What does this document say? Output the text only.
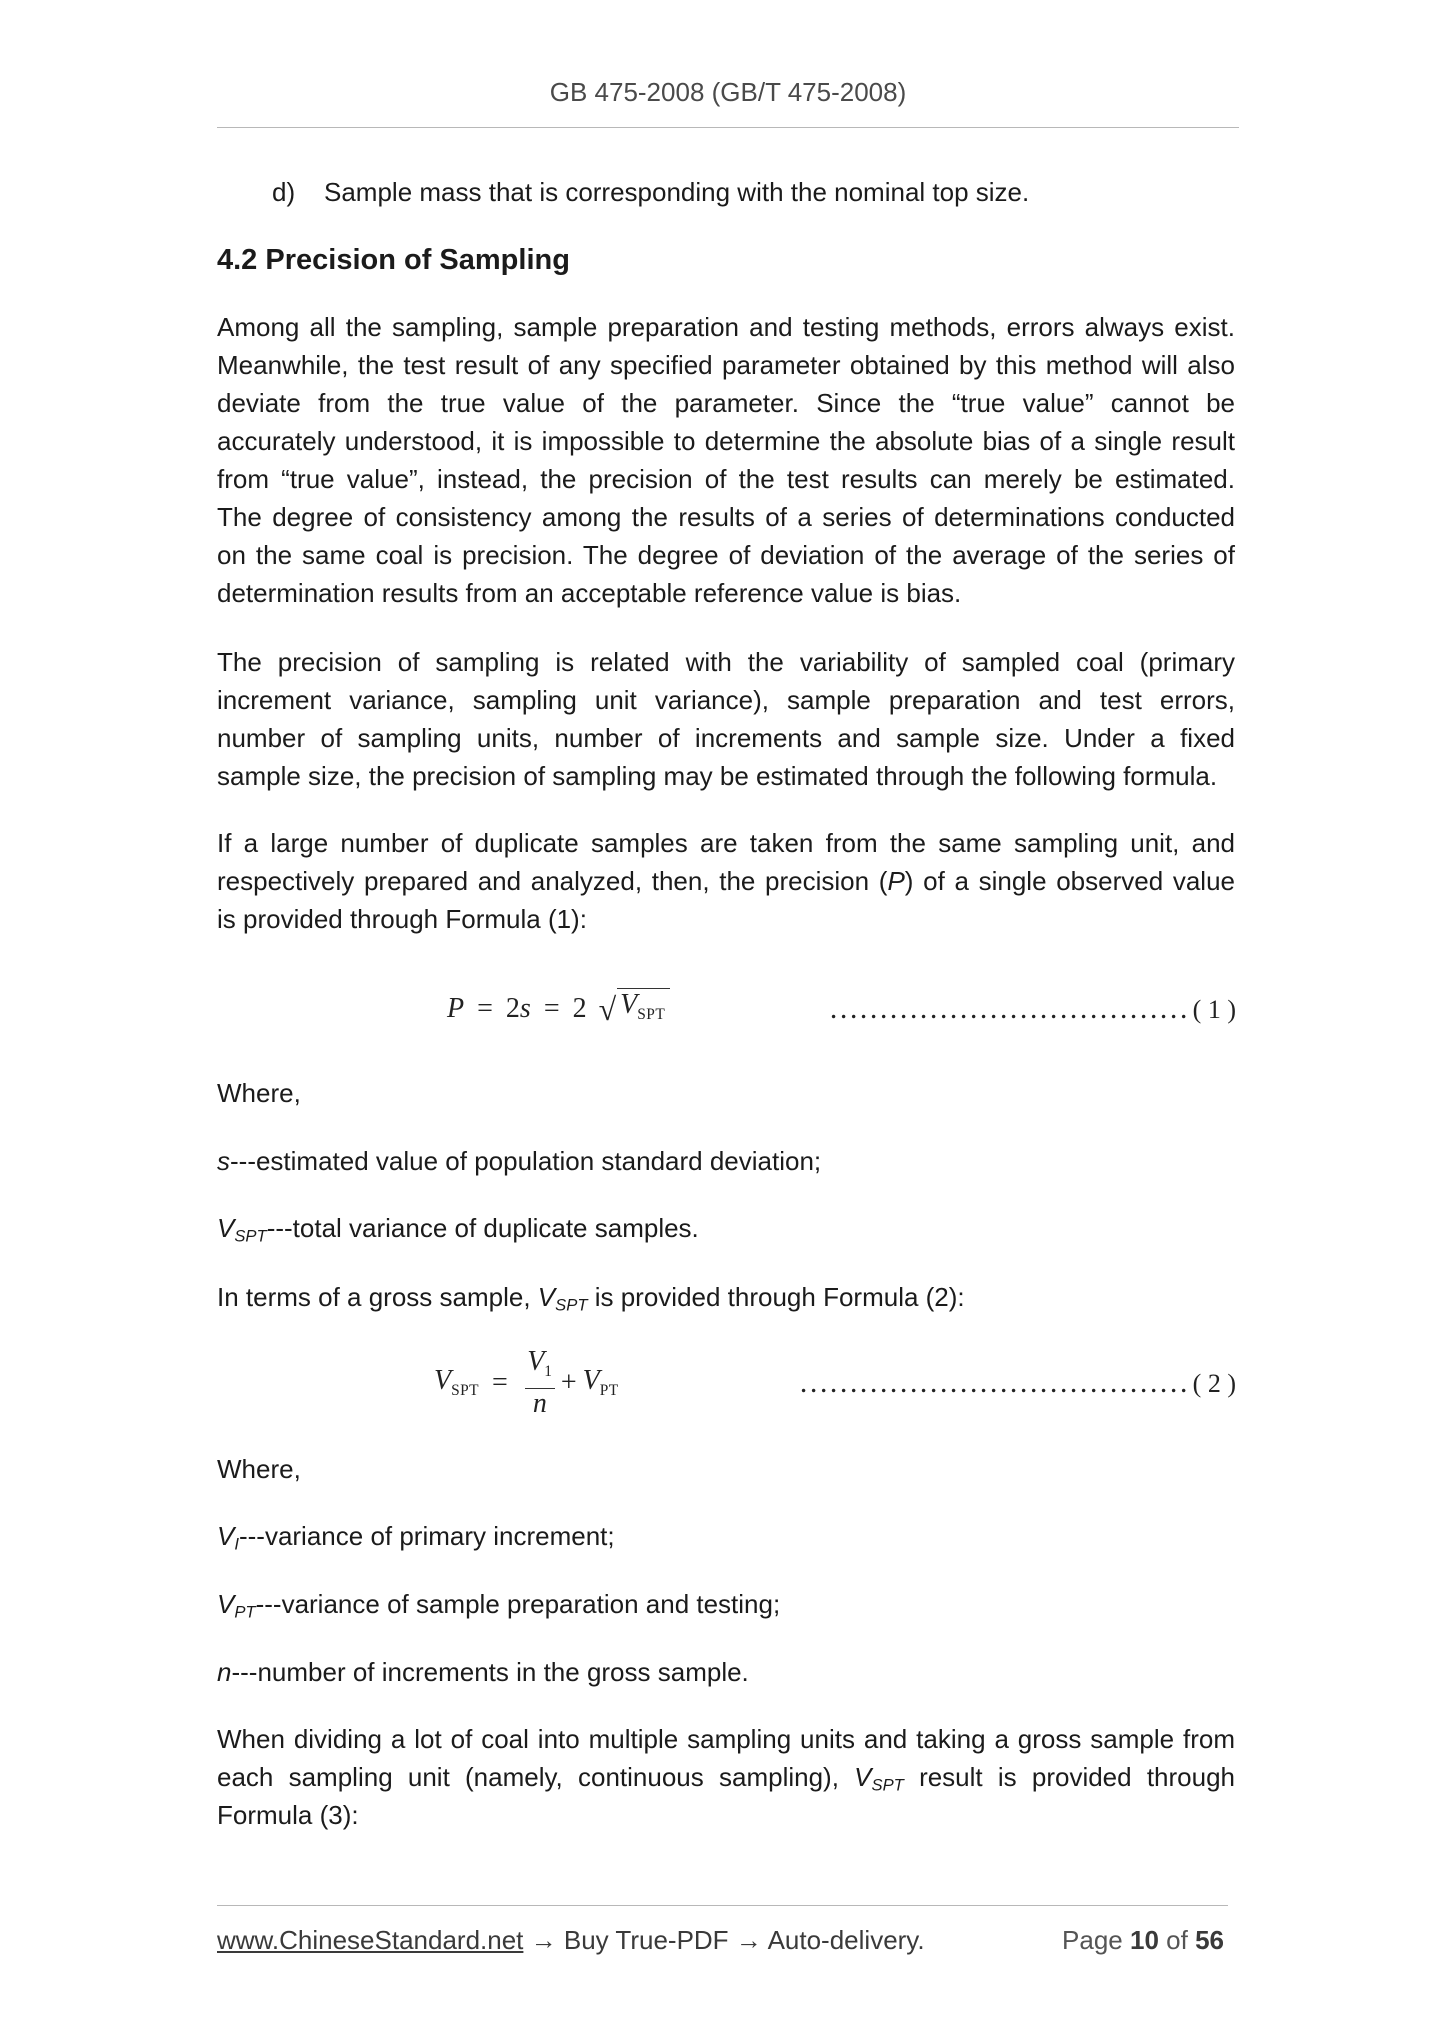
GB 475-2008 (GB/T 475-2008)
d) Sample mass that is corresponding with the nominal top size.
4.2 Precision of Sampling
Among all the sampling, sample preparation and testing methods, errors always exist.
Meanwhile, the test result of any specified parameter obtained by this method will also
deviate from the true value of the parameter. Since the “true value” cannot be
accurately understood, it is impossible to determine the absolute bias of a single result
from “true value”, instead, the precision of the test results can merely be estimated.
The degree of consistency among the results of a series of determinations conducted
on the same coal is precision. The degree of deviation of the average of the series of
determination results from an acceptable reference value is bias.
The precision of sampling is related with the variability of sampled coal (primary
increment variance, sampling unit variance), sample preparation and test errors,
number of sampling units, number of increments and sample size. Under a fixed
sample size, the precision of sampling may be estimated through the following formula.
If a large number of duplicate samples are taken from the same sampling unit, and
respectively prepared and analyzed, then, the precision (P) of a single observed value
is provided through Formula (1):
P = 2 s = 2 √ $V_{SPT}$	……………………………… ( 1 )
Where,
s---estimated value of population standard deviation;
$V_{SPT}--$-total variance of duplicate samples.
In terms of a gross sample, $V_{SPT}$ is provided through Formula (2):
$V_{SPT} = \frac{V_1}{n} + V_{PT}$	………………………………… ( 2 )
Where,
$V_I--$-variance of primary increment;
$V_{PT}--$-variance of sample preparation and testing;
n---number of increments in the gross sample.
When dividing a lot of coal into multiple sampling units and taking a gross sample from
each sampling unit (namely, continuous sampling), $V_{SPT}$ result is provided through
Formula (3):
www.ChineseStandard.net → Buy True-PDF → Auto-delivery.	Page 10 of 56
